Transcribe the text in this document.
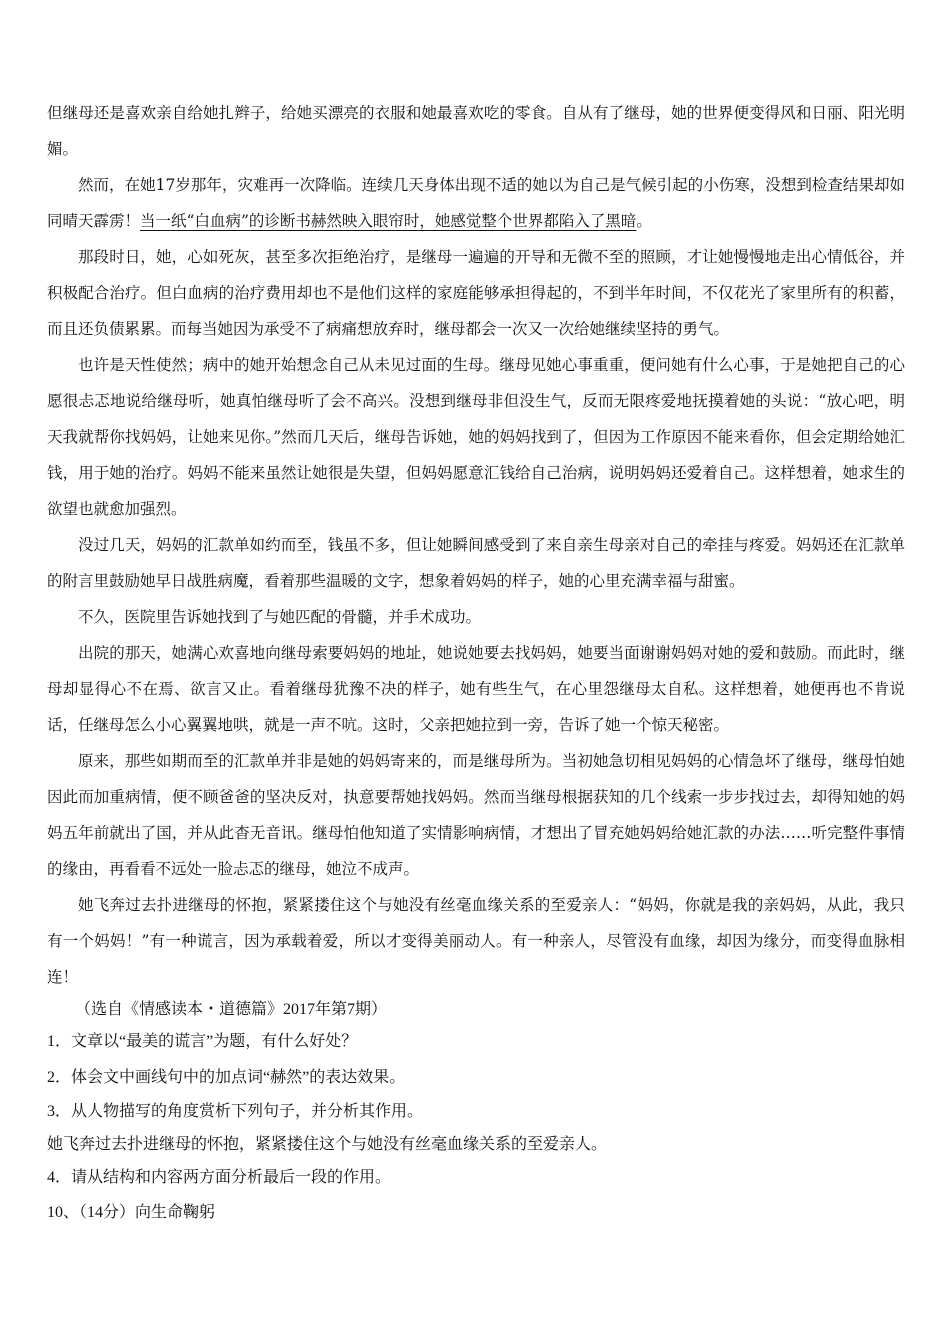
但继母还是喜欢亲自给她扎辫子，给她买漂亮的衣服和她最喜欢吃的零食。自从有了继母，她的世界便变得风和日丽、阳光明媚。

然而，在她17岁那年，灾难再一次降临。连续几天身体出现不适的她以为自己是气候引起的小伤寒，没想到检查结果却如同晴天霹雳！当一纸“白血病”的诊断书赫然映入眼帘时，她感觉整个世界都陷入了黑暗。

那段时日，她，心如死灰，甚至多次拒绝治疗，是继母一遍遍的开导和无微不至的照顾，才让她慢慢地走出心情低谷，并积极配合治疗。但白血病的治疗费用却也不是他们这样的家庭能够承担得起的，不到半年时间，不仅花光了家里所有的积蓄，而且还负债累累。而每当她因为承受不了病痛想放弃时，继母都会一次又一次给她继续坚持的勇气。

也许是天性使然；病中的她开始想念自己从未见过面的生母。继母见她心事重重，便问她有什么心事，于是她把自己的心愿很忐忑地说给继母听，她真怕继母听了会不高兴。没想到继母非但没生气，反而无限疼爱地抚摸着她的头说：“放心吧，明天我就帮你找妈妈，让她来见你。”然而几天后，继母告诉她，她的妈妈找到了，但因为工作原因不能来看你，但会定期给她汇钱，用于她的治疗。妈妈不能来虽然让她很是失望，但妈妈愿意汇钱给自己治病，说明妈妈还爱着自己。这样想着，她求生的欲望也就愈加强烈。

没过几天，妈妈的汇款单如约而至，钱虽不多，但让她瞬间感受到了来自亲生母亲对自己的牵挂与疼爱。妈妈还在汇款单的附言里鼓励她早日战胜病魔，看着那些温暖的文字，想象着妈妈的样子，她的心里充满幸福与甜蜜。

不久，医院里告诉她找到了与她匹配的骨髓，并手术成功。

出院的那天，她满心欢喜地向继母索要妈妈的地址，她说她要去找妈妈，她要当面谢谢妈妈对她的爱和鼓励。而此时，继母却显得心不在焉、欲言又止。看着继母犹豫不决的样子，她有些生气，在心里怨继母太自私。这样想着，她便再也不肯说话，任继母怎么小心翼翼地哄，就是一声不吭。这时，父亲把她拉到一旁，告诉了她一个惊天秘密。

原来，那些如期而至的汇款单并非是她的妈妈寄来的，而是继母所为。当初她急切相见妈妈的心情急坏了继母，继母怕她因此而加重病情，便不顾爸爸的坚决反对，执意要帮她找妈妈。然而当继母根据获知的几个线索一步步找过去，却得知她的妈妈五年前就出了国，并从此杳无音讯。继母怕他知道了实情影响病情，才想出了冒充她妈妈给她汇款的办法……听完整件事情的缘由，再看看不远处一脸忐忑的继母，她泣不成声。

她飞奔过去扑进继母的怀抱，紧紧搂住这个与她没有丝毫血缘关系的至爱亲人：“妈妈，你就是我的亲妈妈，从此，我只有一个妈妈！”有一种谎言，因为承载着爱，所以才变得美丽动人。有一种亲人，尽管没有血缘，却因为缘分，而变得血脉相连！

（选自《情感读本・道德篇》2017年第7期）

1．文章以“最美的谎言”为题，有什么好处？

2．体会文中画线句中的加点词“赫然”的表达效果。

3．从人物描写的角度赏析下列句子，并分析其作用。

她飞奔过去扑进继母的怀抱，紧紧搂住这个与她没有丝毫血缘关系的至爱亲人。

4．请从结构和内容两方面分析最后一段的作用。

10、（14分）向生命鞠躬
